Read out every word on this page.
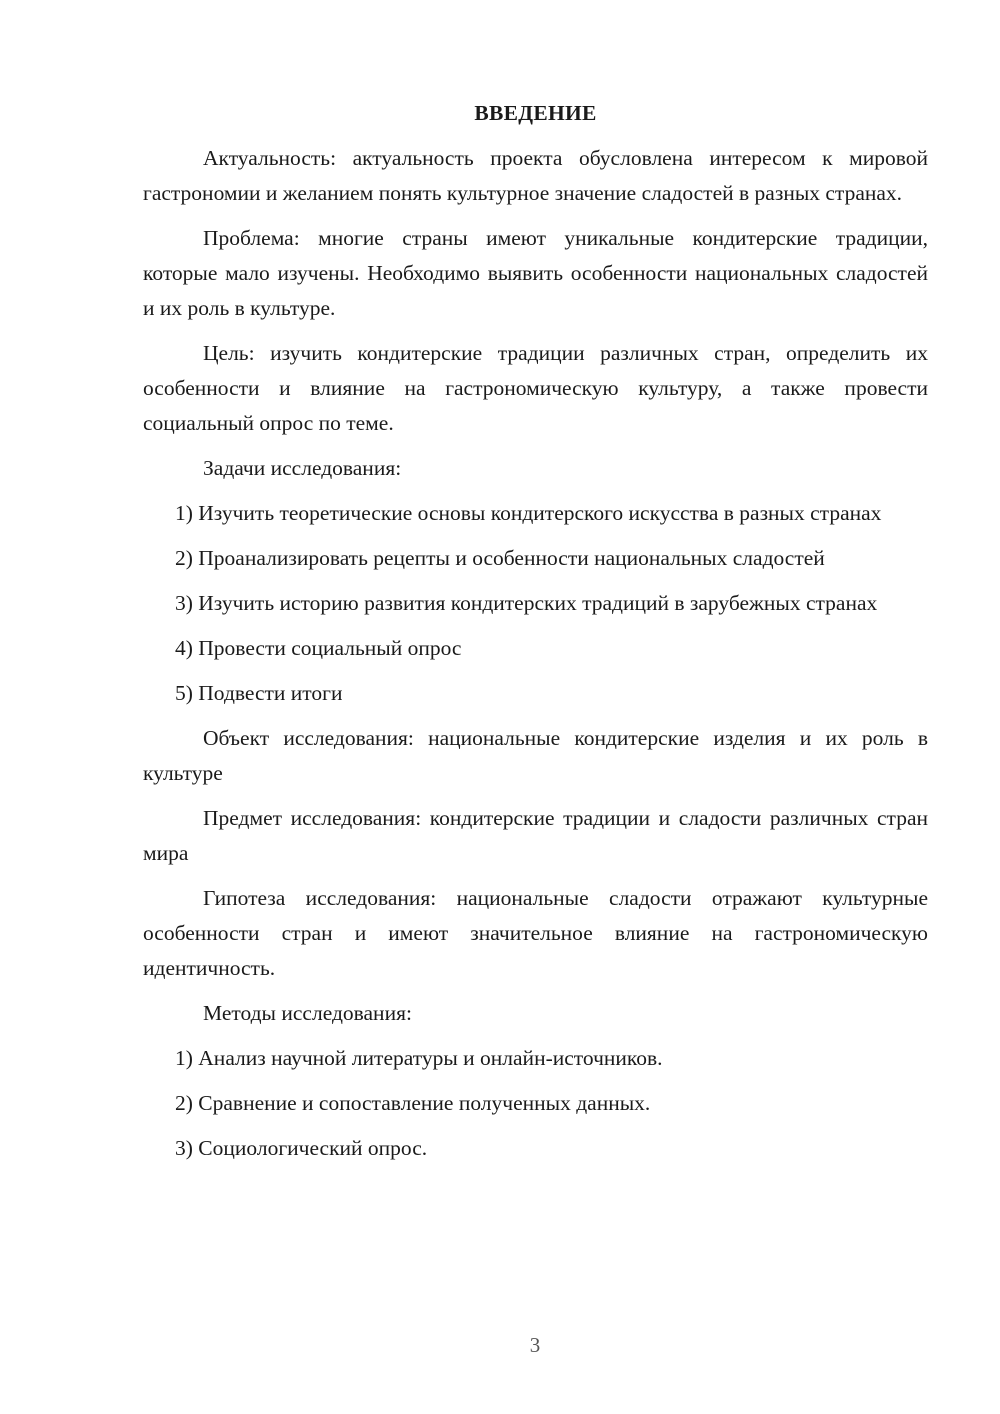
ВВЕДЕНИЕ

Актуальность: актуальность проекта обусловлена интересом к мировой гастрономии и желанием понять культурное значение сладостей в разных странах.

Проблема: многие страны имеют уникальные кондитерские традиции, которые мало изучены. Необходимо выявить особенности национальных сладостей и их роль в культуре.

Цель: изучить кондитерские традиции различных стран, определить их особенности и влияние на гастрономическую культуру, а также провести социальный опрос по теме.

Задачи исследования:

1) Изучить теоретические основы кондитерского искусства в разных странах

2) Проанализировать рецепты и особенности национальных сладостей

3) Изучить историю развития кондитерских традиций в зарубежных странах

4) Провести социальный опрос

5) Подвести итоги

Объект исследования: национальные кондитерские изделия и их роль в культуре

Предмет исследования: кондитерские традиции и сладости различных стран мира

Гипотеза исследования: национальные сладости отражают культурные особенности стран и имеют значительное влияние на гастрономическую идентичность.

Методы исследования:

1) Анализ научной литературы и онлайн-источников.

2) Сравнение и сопоставление полученных данных.

3) Социологический опрос.

3
